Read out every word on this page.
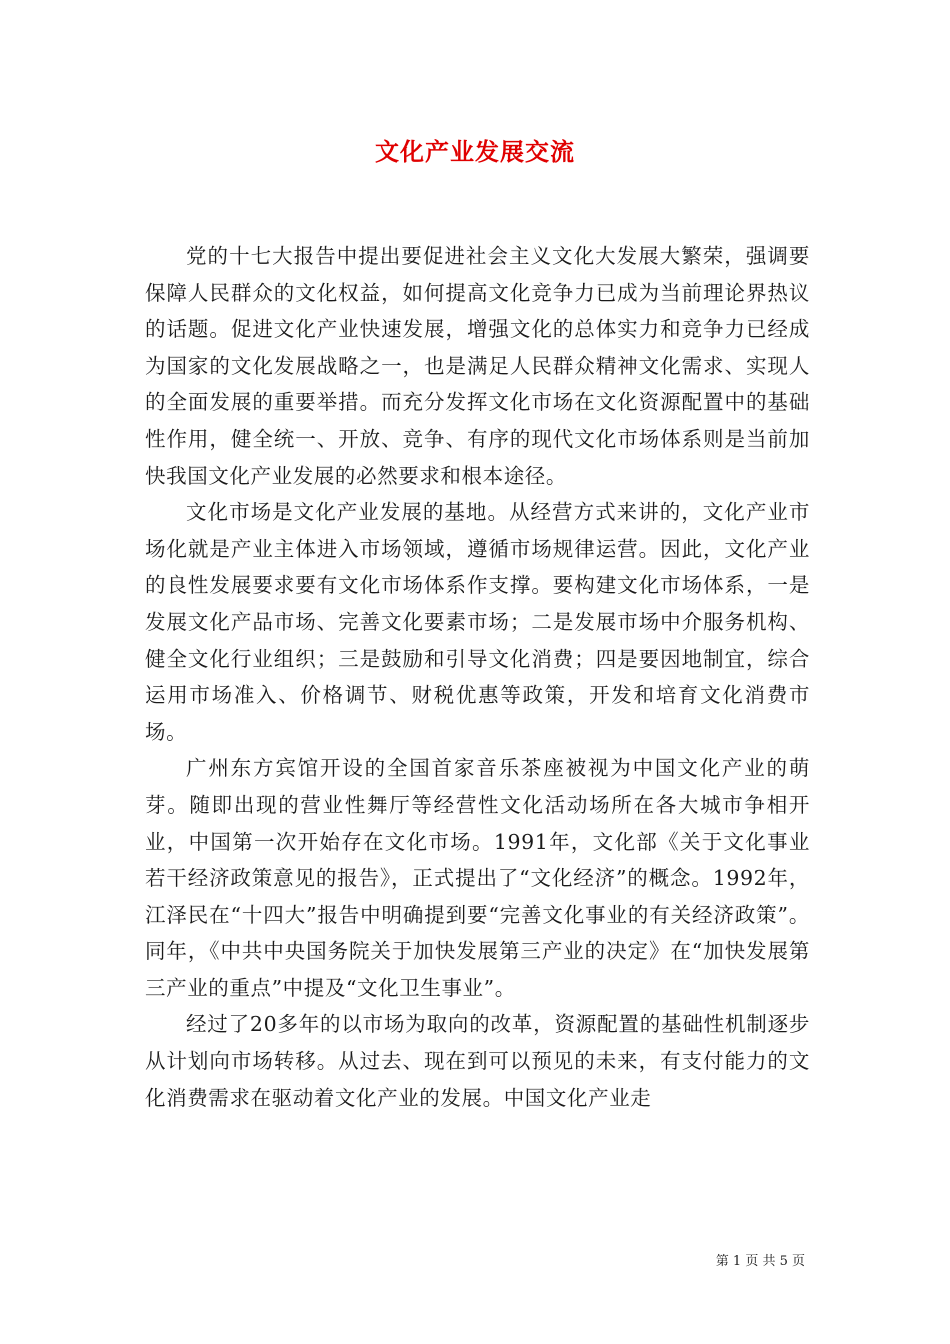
文化产业发展交流

党的十七大报告中提出要促进社会主义文化大发展大繁荣，强调要保障人民群众的文化权益，如何提高文化竞争力已成为当前理论界热议的话题。促进文化产业快速发展，增强文化的总体实力和竞争力已经成为国家的文化发展战略之一，也是满足人民群众精神文化需求、实现人的全面发展的重要举措。而充分发挥文化市场在文化资源配置中的基础性作用，健全统一、开放、竞争、有序的现代文化市场体系则是当前加快我国文化产业发展的必然要求和根本途径。

文化市场是文化产业发展的基地。从经营方式来讲的，文化产业市场化就是产业主体进入市场领域，遵循市场规律运营。因此，文化产业的良性发展要求要有文化市场体系作支撑。要构建文化市场体系，一是发展文化产品市场、完善文化要素市场；二是发展市场中介服务机构、健全文化行业组织；三是鼓励和引导文化消费；四是要因地制宜，综合运用市场准入、价格调节、财税优惠等政策，开发和培育文化消费市场。

广州东方宾馆开设的全国首家音乐茶座被视为中国文化产业的萌芽。随即出现的营业性舞厅等经营性文化活动场所在各大城市争相开业，中国第一次开始存在文化市场。1991年，文化部《关于文化事业若干经济政策意见的报告》，正式提出了“文化经济”的概念。1992年，江泽民在“十四大”报告中明确提到要“完善文化事业的有关经济政策”。同年，《中共中央国务院关于加快发展第三产业的决定》在“加快发展第三产业的重点”中提及“文化卫生事业”。

经过了20多年的以市场为取向的改革，资源配置的基础性机制逐步从计划向市场转移。从过去、现在到可以预见的未来，有支付能力的文化消费需求在驱动着文化产业的发展。中国文化产业走

第 1 页 共 5 页
